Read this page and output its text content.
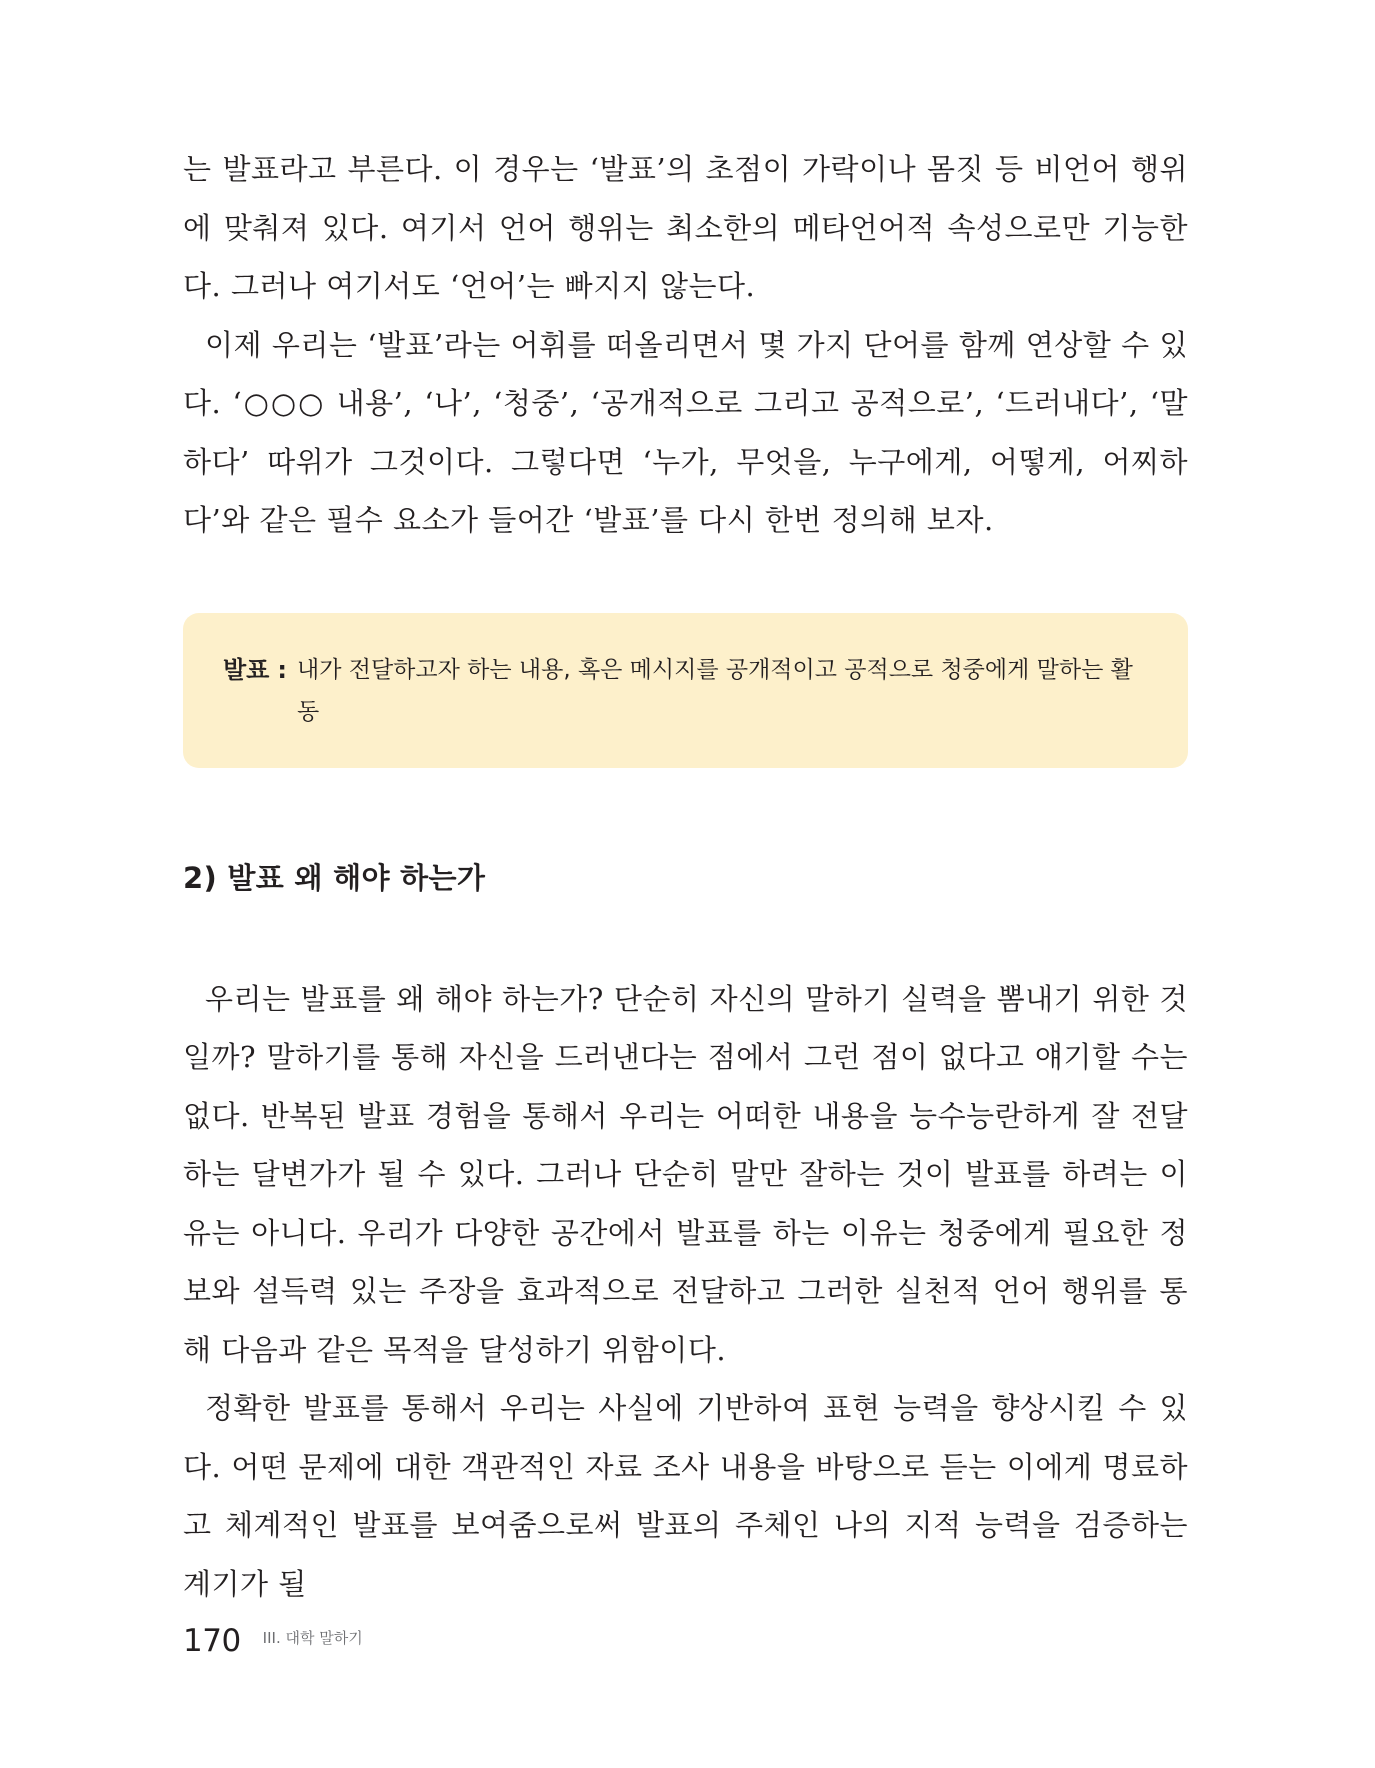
는 발표라고 부른다. 이 경우는 ‘발표’의 초점이 가락이나 몸짓 등 비언어 행위에 맞춰져 있다. 여기서 언어 행위는 최소한의 메타언어적 속성으로만 기능한다. 그러나 여기서도 ‘언어’는 빠지지 않는다.

이제 우리는 ‘발표’라는 어휘를 떠올리면서 몇 가지 단어를 함께 연상할 수 있다. ‘○○○ 내용’, ‘나’, ‘청중’, ‘공개적으로 그리고 공적으로’, ‘드러내다’, ‘말하다’ 따위가 그것이다. 그렇다면 ‘누가, 무엇을, 누구에게, 어떻게, 어찌하다’와 같은 필수 요소가 들어간 ‘발표’를 다시 한번 정의해 보자.

발표 : 내가 전달하고자 하는 내용, 혹은 메시지를 공개적이고 공적으로 청중에게 말하는 활동
2) 발표 왜 해야 하는가

우리는 발표를 왜 해야 하는가? 단순히 자신의 말하기 실력을 뽐내기 위한 것일까? 말하기를 통해 자신을 드러낸다는 점에서 그런 점이 없다고 얘기할 수는 없다. 반복된 발표 경험을 통해서 우리는 어떠한 내용을 능수능란하게 잘 전달하는 달변가가 될 수 있다. 그러나 단순히 말만 잘하는 것이 발표를 하려는 이유는 아니다. 우리가 다양한 공간에서 발표를 하는 이유는 청중에게 필요한 정보와 설득력 있는 주장을 효과적으로 전달하고 그러한 실천적 언어 행위를 통해 다음과 같은 목적을 달성하기 위함이다.

정확한 발표를 통해서 우리는 사실에 기반하여 표현 능력을 향상시킬 수 있다. 어떤 문제에 대한 객관적인 자료 조사 내용을 바탕으로 듣는 이에게 명료하고 체계적인 발표를 보여줌으로써 발표의 주체인 나의 지적 능력을 검증하는 계기가 될

170 III. 대학 말하기
